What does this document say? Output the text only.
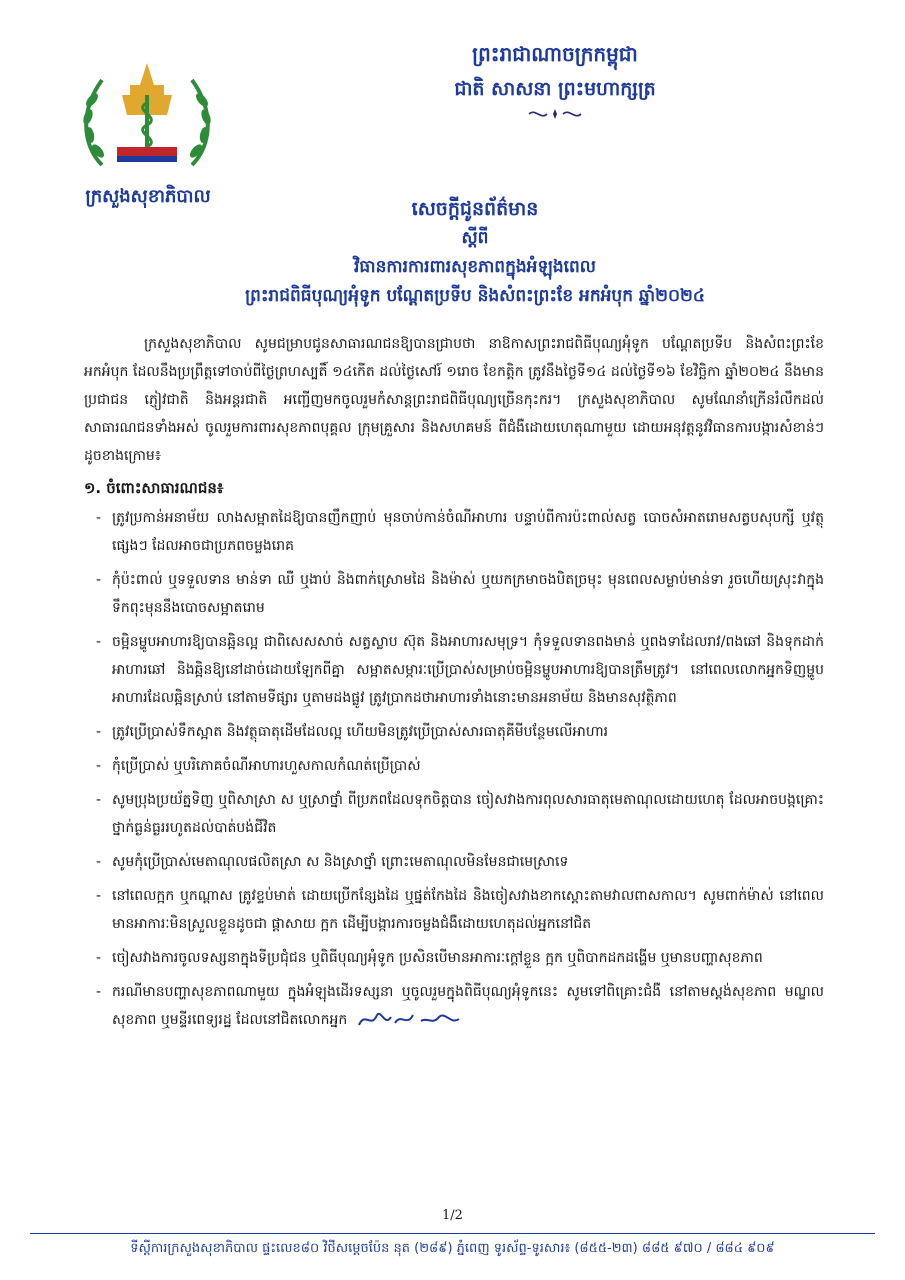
ក្រសួងសុខាភិបាល
ព្រះរាជាណាចក្រកម្ពុជា
ជាតិ សាសនា ព្រះមហាក្សត្រ
សេចក្តីជូនព័ត៌មាន
ស្តីពី
វិធានការការពារសុខភាពក្នុងអំឡុងពេល
ព្រះរាជពិធីបុណ្យអុំទូក បណ្តែតប្រទីប និងសំពះព្រះខែ អកអំបុក ឆ្នាំ២០២៤

ក្រសួងសុខាភិបាល សូមជម្រាបជូនសាធារណជនឱ្យបានជ្រាបថា នាឱកាសព្រះរាជពិធីបុណ្យអុំទូក បណ្តែតប្រទីប និងសំពះព្រះខែ អកអំបុក ដែលនឹងប្រព្រឹត្តទៅចាប់ពីថ្ងៃព្រហស្បតិ៍ ១៤កើត ដល់ថ្ងៃសៅរ៍ ១រោច ខែកត្តិក ត្រូវនឹងថ្ងៃទី១៤ ដល់ថ្ងៃទី១៦ ខែវិច្ឆិកា ឆ្នាំ២០២៤ នឹងមានប្រជាជន ភ្ញៀវជាតិ និងអន្តរជាតិ អញ្ជើញមកចូលរួមកំសាន្តព្រះរាជពិធីបុណ្យច្រើនកុះករ។ ក្រសួងសុខាភិបាល សូមណែនាំក្រើនរំលឹកដល់សាធារណជនទាំងអស់ ចូលរួមការពារសុខភាពបុគ្គល ក្រុមគ្រួសារ និងសហគមន៍ ពីជំងឺដោយហេតុណាមួយ ដោយអនុវត្តនូវវិធានការបង្ការសំខាន់ៗដូចខាងក្រោម៖

១. ចំពោះសាធារណជន៖
- ត្រូវប្រកាន់អនាម័យ លាងសម្អាតដៃឱ្យបានញឹកញាប់ មុនចាប់កាន់ចំណីអាហារ បន្ទាប់ពីការប៉ះពាល់សត្វ បោចសំអាតរោមសត្វបសុបក្សី ឬវត្ថុផ្សេងៗ ដែលអាចជាប្រភពចម្លងរោគ
- កុំប៉ះពាល់ ឬទទួលទាន មាន់ទា ឈឺ ឬងាប់ និងពាក់ស្រោមដៃ និងម៉ាស់ ឬយកក្រមាចងបិតច្រមុះ មុនពេលសម្លាប់មាន់ទា រួចហើយស្រុះវាក្នុងទឹកពុះមុននឹងបោចសម្អាតរោម
- ចម្អិនម្ហូបអាហារឱ្យបានឆ្អិនល្អ ជាពិសេសសាច់ សត្វស្លាប ស៊ុត និងអាហារសមុទ្រ។ កុំទទួលទានពងមាន់ ឬពងទាដែលរាវ/ពងឆៅ និងទុកដាក់អាហារឆៅ និងឆ្អិនឱ្យនៅដាច់ដោយឡែកពីគ្នា សម្អាតសម្ភារៈប្រើប្រាស់សម្រាប់ចម្អិនម្ហូបអាហារឱ្យបានត្រឹមត្រូវ។ នៅពេលលោកអ្នកទិញម្ហូបអាហារដែលឆ្អិនស្រាប់ នៅតាមទីផ្សារ ឬតាមដងផ្លូវ ត្រូវប្រាកដថាអាហារទាំងនោះមានអនាម័យ និងមានសុវត្ថិភាព
- ត្រូវប្រើប្រាស់ទឹកស្អាត និងវត្ថុធាតុដើមដែលល្អ ហើយមិនត្រូវប្រើប្រាស់សារធាតុគីមីបន្ថែមលើអាហារ
- កុំប្រើប្រាស់ ឬបរិភោគចំណីអាហារហួសកាលកំណត់ប្រើប្រាស់
- សូមប្រុងប្រយ័ត្នទិញ ឬពិសាស្រា ស ឬស្រាថ្នាំ ពីប្រភពដែលទុកចិត្តបាន ចៀសវាងការពុលសារធាតុមេតាណុលដោយហេតុ ដែលអាចបង្កគ្រោះថ្នាក់ធ្ងន់ធ្ងររហូតដល់បាត់បង់ជីវិត
- សូមកុំប្រើប្រាស់មេតាណុលផលិតស្រា ស និងស្រាថ្នាំ ព្រោះមេតាណុលមិនមែនជាមេស្រាទេ
- នៅពេលក្អក ឬកណ្តាស ត្រូវខ្ទប់មាត់ ដោយប្រើកន្សែងដៃ ឬផ្នត់កែងដៃ និងចៀសវាងខាកស្តោះតាមវាលពាសកាល។ សូមពាក់ម៉ាស់ នៅពេលមានអាការៈមិនស្រួលខ្លួនដូចជា ផ្តាសាយ ក្អក ដើម្បីបង្ការការចម្លងជំងឺដោយហេតុដល់អ្នកនៅជិត
- ចៀសវាងការចូលទស្សនាក្នុងទីប្រជុំជន ឬពិធីបុណ្យអុំទូក ប្រសិនបើមានអាការៈក្តៅខ្លួន ក្អក ឬពិបាកដកដង្ហើម ឬមានបញ្ហាសុខភាព
- ករណីមានបញ្ហាសុខភាពណាមួយ ក្នុងអំឡុងដើរទស្សនា ឬចូលរួមក្នុងពិធីបុណ្យអុំទូកនេះ សូមទៅពិគ្រោះជំងឺ នៅតាមស្តង់សុខភាព មណ្ឌលសុខភាព ឬមន្ទីរពេទ្យរដ្ឋ ដែលនៅជិតលោកអ្នក
1/2
ទីស្តីការក្រសួងសុខាភិបាល ផ្ទះលេខ៨០ វិថីសម្តេចប៉ែន នុត (២៨៩) ភ្នំពេញ ទូរស័ព្ទ-ទូរសារ៖ (៨៥៥-២៣) ៨៨៥ ៩៧០ / ៨៨៤ ៩០៩
